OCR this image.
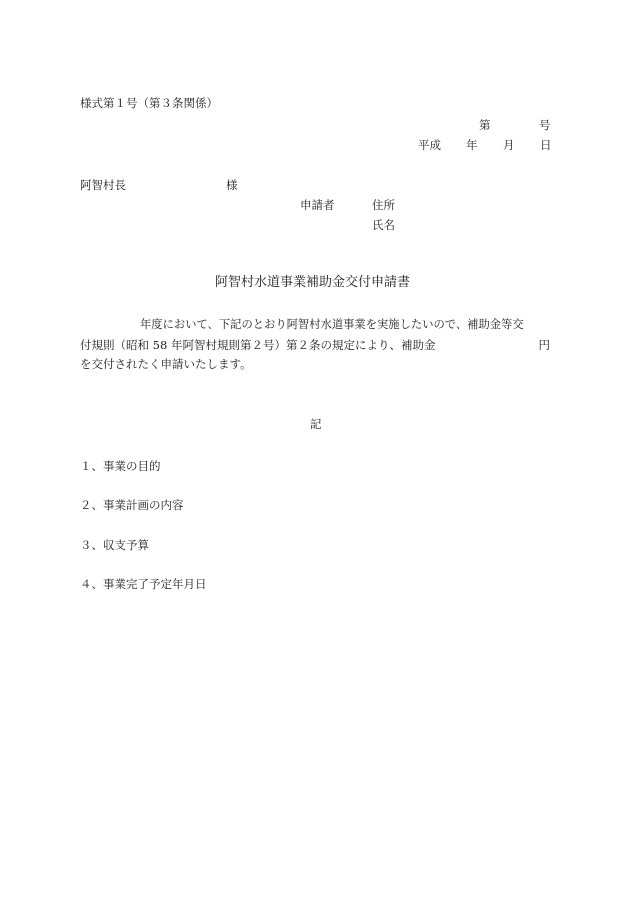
様式第１号（第３条関係）
第	号
平成 年 月 日
阿智村長	様
申請者	住所
氏名
阿智村水道事業補助金交付申請書
年度において、下記のとおり阿智村水道事業を実施したいので、補助金等交
付規則（昭和 58 年阿智村規則第２号）第２条の規定により、補助金	円
を交付されたく申請いたします。
記
１、事業の目的
２、事業計画の内容
３、収支予算
４、事業完了予定年月日
